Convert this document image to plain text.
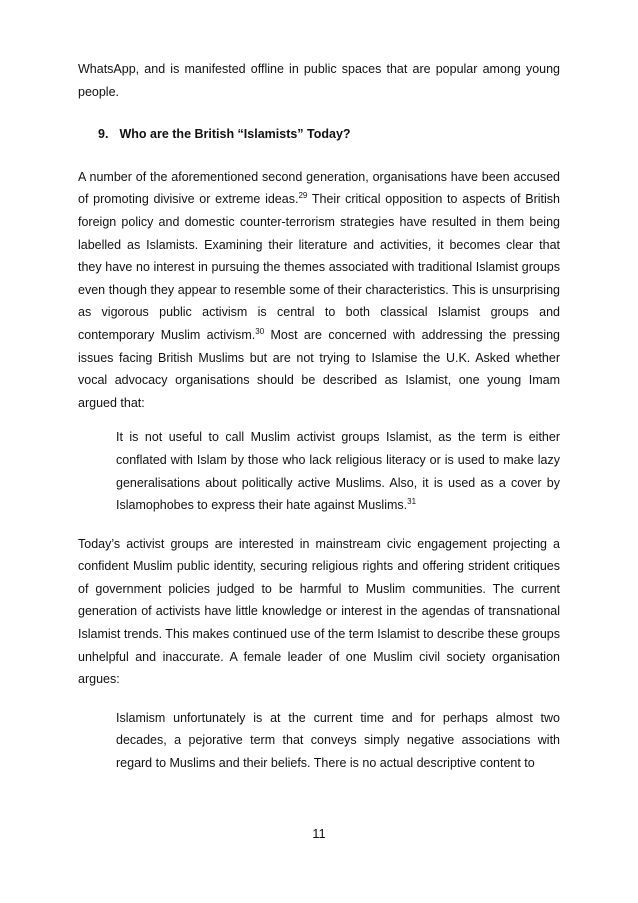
WhatsApp, and is manifested offline in public spaces that are popular among young people.

9. Who are the British “Islamists” Today?

A number of the aforementioned second generation, organisations have been accused of promoting divisive or extreme ideas.$^{29}$ Their critical opposition to aspects of British foreign policy and domestic counter-terrorism strategies have resulted in them being labelled as Islamists. Examining their literature and activities, it becomes clear that they have no interest in pursuing the themes associated with traditional Islamist groups even though they appear to resemble some of their characteristics. This is unsurprising as vigorous public activism is central to both classical Islamist groups and contemporary Muslim activism.$^{30}$ Most are concerned with addressing the pressing issues facing British Muslims but are not trying to Islamise the U.K. Asked whether vocal advocacy organisations should be described as Islamist, one young Imam argued that:

It is not useful to call Muslim activist groups Islamist, as the term is either conflated with Islam by those who lack religious literacy or is used to make lazy generalisations about politically active Muslims. Also, it is used as a cover by Islamophobes to express their hate against Muslims.$^{31}$

Today’s activist groups are interested in mainstream civic engagement projecting a confident Muslim public identity, securing religious rights and offering strident critiques of government policies judged to be harmful to Muslim communities. The current generation of activists have little knowledge or interest in the agendas of transnational Islamist trends. This makes continued use of the term Islamist to describe these groups unhelpful and inaccurate. A female leader of one Muslim civil society organisation argues:

Islamism unfortunately is at the current time and for perhaps almost two decades, a pejorative term that conveys simply negative associations with regard to Muslims and their beliefs. There is no actual descriptive content to

11
